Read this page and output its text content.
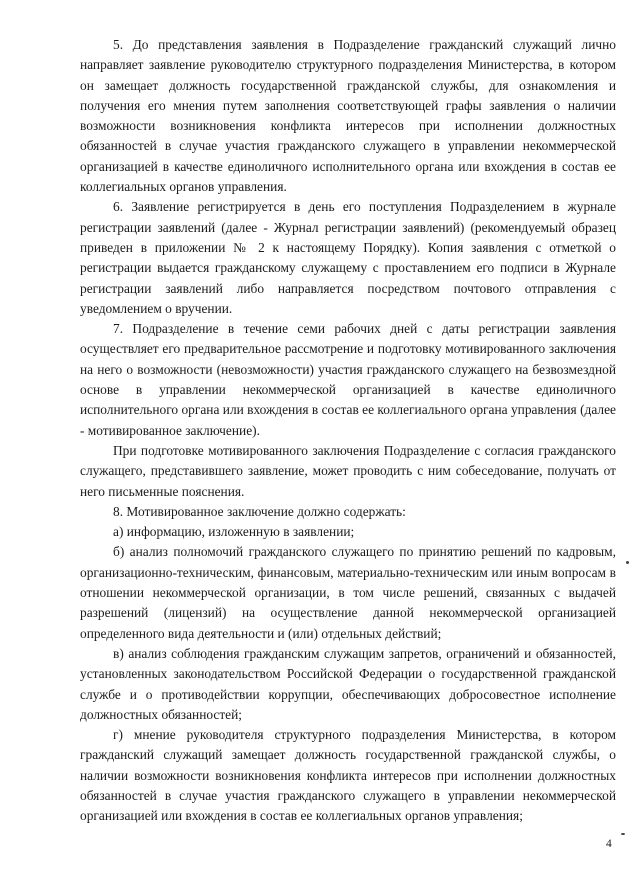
5. До представления заявления в Подразделение гражданский служащий лично направляет заявление руководителю структурного подразделения Министерства, в котором он замещает должность государственной гражданской службы, для ознакомления и получения его мнения путем заполнения соответствующей графы заявления о наличии возможности возникновения конфликта интересов при исполнении должностных обязанностей в случае участия гражданского служащего в управлении некоммерческой организацией в качестве единоличного исполнительного органа или вхождения в состав ее коллегиальных органов управления.

6. Заявление регистрируется в день его поступления Подразделением в журнале регистрации заявлений (далее - Журнал регистрации заявлений) (рекомендуемый образец приведен в приложении № 2 к настоящему Порядку). Копия заявления с отметкой о регистрации выдается гражданскому служащему с проставлением его подписи в Журнале регистрации заявлений либо направляется посредством почтового отправления с уведомлением о вручении.

7. Подразделение в течение семи рабочих дней с даты регистрации заявления осуществляет его предварительное рассмотрение и подготовку мотивированного заключения на него о возможности (невозможности) участия гражданского служащего на безвозмездной основе в управлении некоммерческой организацией в качестве единоличного исполнительного органа или вхождения в состав ее коллегиального органа управления (далее - мотивированное заключение).

При подготовке мотивированного заключения Подразделение с согласия гражданского служащего, представившего заявление, может проводить с ним собеседование, получать от него письменные пояснения.

8. Мотивированное заключение должно содержать:

а) информацию, изложенную в заявлении;

б) анализ полномочий гражданского служащего по принятию решений по кадровым, организационно-техническим, финансовым, материально-техническим или иным вопросам в отношении некоммерческой организации, в том числе решений, связанных с выдачей разрешений (лицензий) на осуществление данной некоммерческой организацией определенного вида деятельности и (или) отдельных действий;

в) анализ соблюдения гражданским служащим запретов, ограничений и обязанностей, установленных законодательством Российской Федерации о государственной гражданской службе и о противодействии коррупции, обеспечивающих добросовестное исполнение должностных обязанностей;

г) мнение руководителя структурного подразделения Министерства, в котором гражданский служащий замещает должность государственной гражданской службы, о наличии возможности возникновения конфликта интересов при исполнении должностных обязанностей в случае участия гражданского служащего в управлении некоммерческой организацией или вхождения в состав ее коллегиальных органов управления;

4
